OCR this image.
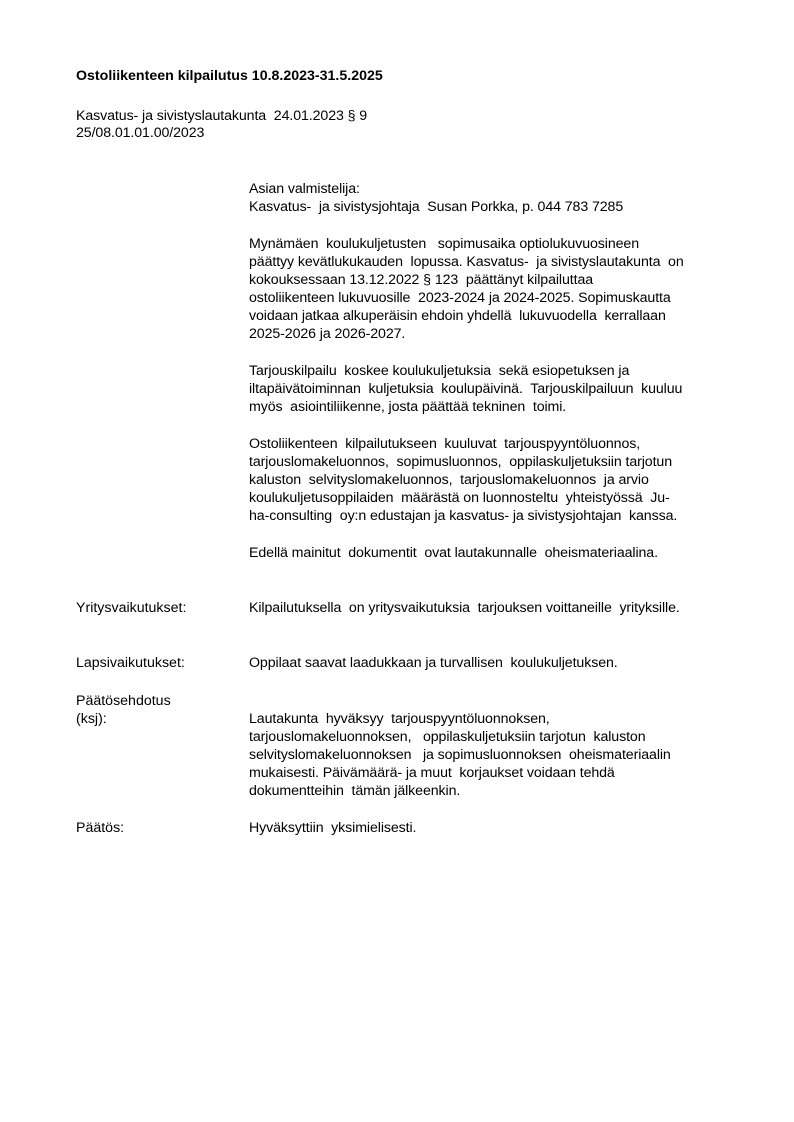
Ostoliikenteen kilpailutus 10.8.2023-31.5.2025
Kasvatus- ja sivistyslautakunta  24.01.2023 § 9
25/08.01.01.00/2023
Asian valmistelija:
Kasvatus-  ja sivistysjohtaja  Susan Porkka, p. 044 783 7285
Mynämäen  koulukuljetusten   sopimusaika optiolukuvuosineen
päättyy kevätlukukauden  lopussa. Kasvatus-  ja sivistyslautakunta  on
kokouksessaan 13.12.2022 § 123  päättänyt kilpailuttaa
ostoliikenteen lukuvuosille  2023-2024 ja 2024-2025. Sopimuskautta
voidaan jatkaa alkuperäisin ehdoin yhdellä  lukuvuodella  kerrallaan
2025-2026 ja 2026-2027.
Tarjouskilpailu  koskee koulukuljetuksia  sekä esiopetuksen ja
iltapäivätoiminnan  kuljetuksia  koulupäivinä.  Tarjouskilpailuun  kuuluu
myös  asiointiliikenne, josta päättää tekninen  toimi.
Ostoliikenteen  kilpailutukseen  kuuluvat  tarjouspyyntöluonnos,
tarjouslomakeluonnos,  sopimusluonnos,  oppilaskuljetuksiin tarjotun
kaluston  selvityslomakeluonnos,  tarjouslomakeluonnos  ja arvio
koulukuljetusoppilaiden  määrästä on luonnosteltu  yhteistyössä  Ju-
ha-consulting  oy:n edustajan ja kasvatus- ja sivistysjohtajan  kanssa.
Edellä mainitut  dokumentit  ovat lautakunnalle  oheismateriaalina.
Yritysvaikutukset:	Kilpailutuksella  on yritysvaikutuksia  tarjouksen voittaneille  yrityksille.
Lapsivaikutukset:	Oppilaat saavat laadukkaan ja turvallisen  koulukuljetuksen.
Päätösehdotus
(ksj):	Lautakunta  hyväksyy  tarjouspyyntöluonnoksen,
tarjouslomakeluonnoksen,   oppilaskuljetuksiin tarjotun  kaluston
selvityslomakeluonnoksen   ja sopimusluonnoksen  oheismateriaalin
mukaisesti. Päivämäärä- ja muut  korjaukset voidaan tehdä
dokumentteihin  tämän jälkeenkin.
Päätös:	Hyväksyttiin  yksimielisesti.
